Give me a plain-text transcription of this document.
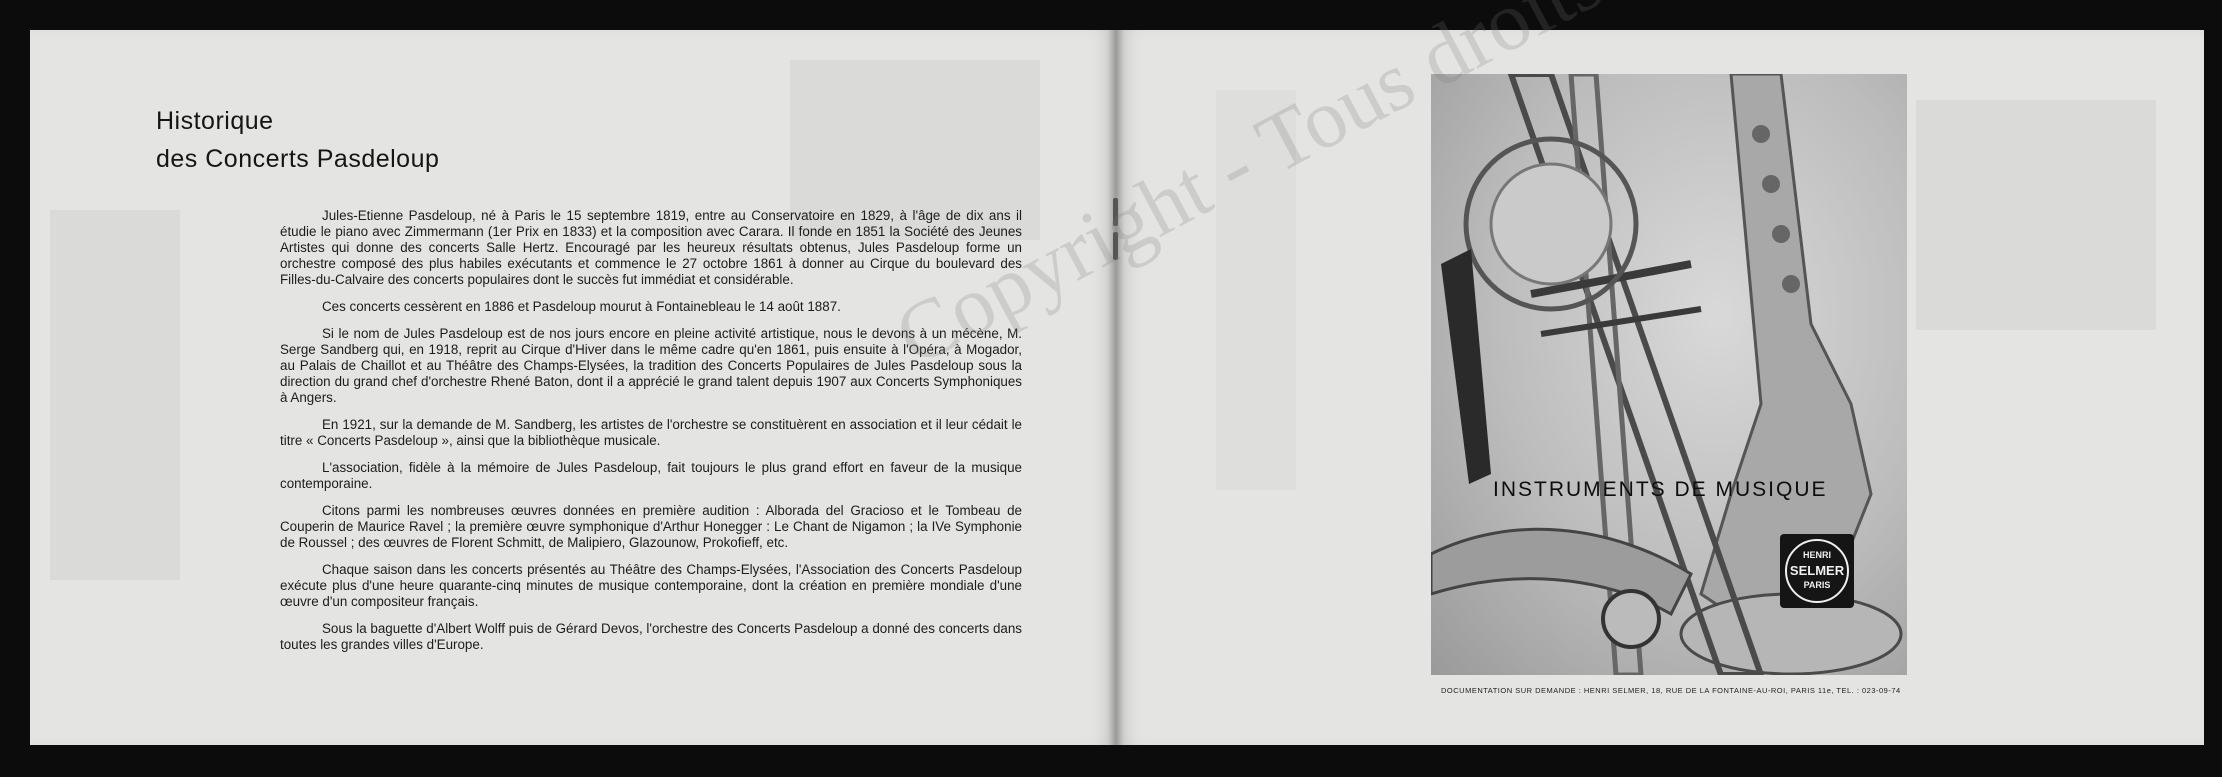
Historique
des Concerts Pasdeloup

Jules-Etienne Pasdeloup, né à Paris le 15 septembre 1819, entre au Conservatoire en 1829, à l'âge de dix ans il étudie le piano avec Zimmermann (1er Prix en 1833) et la composition avec Carara. Il fonde en 1851 la Société des Jeunes Artistes qui donne des concerts Salle Hertz. Encouragé par les heureux résultats obtenus, Jules Pasdeloup forme un orchestre composé des plus habiles exécutants et commence le 27 octobre 1861 à donner au Cirque du boulevard des Filles-du-Calvaire des concerts populaires dont le succès fut immédiat et considérable.

Ces concerts cessèrent en 1886 et Pasdeloup mourut à Fontainebleau le 14 août 1887.

Si le nom de Jules Pasdeloup est de nos jours encore en pleine activité artistique, nous le devons à un mécène, M. Serge Sandberg qui, en 1918, reprit au Cirque d'Hiver dans le même cadre qu'en 1861, puis ensuite à l'Opéra, à Mogador, au Palais de Chaillot et au Théâtre des Champs-Elysées, la tradition des Concerts Populaires de Jules Pasdeloup sous la direction du grand chef d'orchestre Rhené Baton, dont il a apprécié le grand talent depuis 1907 aux Concerts Symphoniques à Angers.

En 1921, sur la demande de M. Sandberg, les artistes de l'orchestre se constituèrent en association et il leur cédait le titre « Concerts Pasdeloup », ainsi que la bibliothèque musicale.

L'association, fidèle à la mémoire de Jules Pasdeloup, fait toujours le plus grand effort en faveur de la musique contemporaine.

Citons parmi les nombreuses œuvres données en première audition : Alborada del Gracioso et le Tombeau de Couperin de Maurice Ravel ; la première œuvre symphonique d'Arthur Honegger : Le Chant de Nigamon ; la IVe Symphonie de Roussel ; des œuvres de Florent Schmitt, de Malipiero, Glazounow, Prokofieff, etc.

Chaque saison dans les concerts présentés au Théâtre des Champs-Elysées, l'Association des Concerts Pasdeloup exécute plus d'une heure quarante-cinq minutes de musique contemporaine, dont la création en première mondiale d'une œuvre d'un compositeur français.

Sous la baguette d'Albert Wolff puis de Gérard Devos, l'orchestre des Concerts Pasdeloup a donné des concerts dans toutes les grandes villes d'Europe.

INSTRUMENTS DE MUSIQUE
HENRI
SELMER
PARIS
DOCUMENTATION SUR DEMANDE : HENRI SELMER, 18, RUE DE LA FONTAINE-AU-ROI, PARIS 11e, TEL. : 023-09-74
Copyright - Tous droits
